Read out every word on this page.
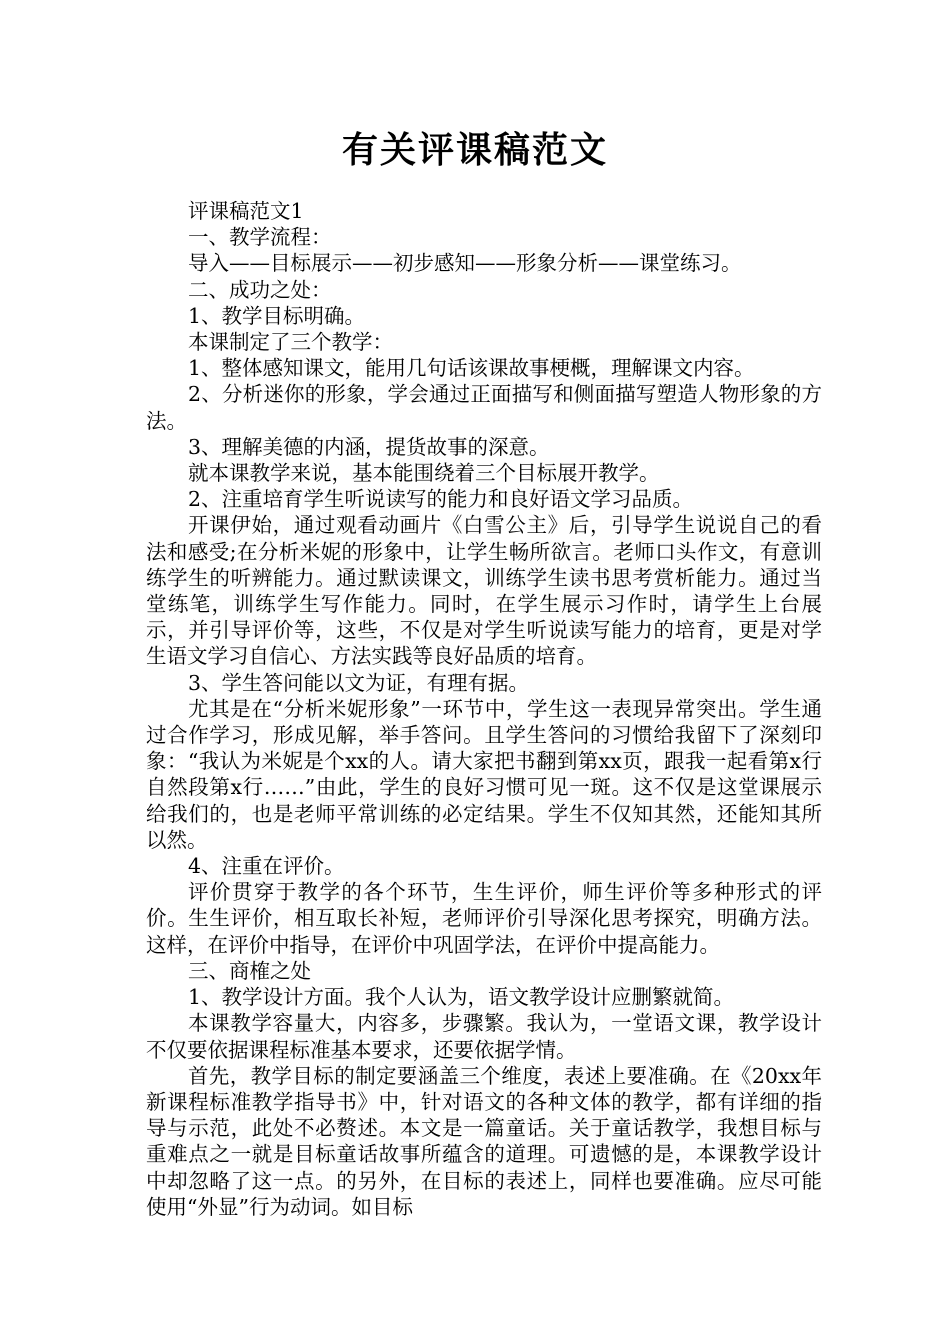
有关评课稿范文

评课稿范文1

一、教学流程：

导入——目标展示——初步感知——形象分析——课堂练习。

二、成功之处：

1、教学目标明确。

本课制定了三个教学：

1、整体感知课文，能用几句话该课故事梗概，理解课文内容。

2、分析迷你的形象，学会通过正面描写和侧面描写塑造人物形象的方法。

3、理解美德的内涵，提货故事的深意。

就本课教学来说，基本能围绕着三个目标展开教学。

2、注重培育学生听说读写的能力和良好语文学习品质。

开课伊始，通过观看动画片《白雪公主》后，引导学生说说自己的看法和感受;在分析米妮的形象中，让学生畅所欲言。老师口头作文，有意训练学生的听辨能力。通过默读课文，训练学生读书思考赏析能力。通过当堂练笔，训练学生写作能力。同时，在学生展示习作时，请学生上台展示，并引导评价等，这些，不仅是对学生听说读写能力的培育，更是对学生语文学习自信心、方法实践等良好品质的培育。

3、学生答问能以文为证，有理有据。

尤其是在“分析米妮形象”一环节中，学生这一表现异常突出。学生通过合作学习，形成见解，举手答问。且学生答问的习惯给我留下了深刻印象：“我认为米妮是个xx的人。请大家把书翻到第xx页，跟我一起看第x行自然段第x行……”由此，学生的良好习惯可见一斑。这不仅是这堂课展示给我们的，也是老师平常训练的必定结果。学生不仅知其然，还能知其所以然。

4、注重在评价。

评价贯穿于教学的各个环节，生生评价，师生评价等多种形式的评价。生生评价，相互取长补短，老师评价引导深化思考探究，明确方法。这样，在评价中指导，在评价中巩固学法，在评价中提高能力。

三、商榷之处

1、教学设计方面。我个人认为，语文教学设计应删繁就简。

本课教学容量大，内容多，步骤繁。我认为，一堂语文课，教学设计不仅要依据课程标准基本要求，还要依据学情。

首先，教学目标的制定要涵盖三个维度，表述上要准确。在《20xx年新课程标准教学指导书》中，针对语文的各种文体的教学，都有详细的指导与示范，此处不必赘述。本文是一篇童话。关于童话教学，我想目标与重难点之一就是目标童话故事所蕴含的道理。可遗憾的是，本课教学设计中却忽略了这一点。的另外，在目标的表述上，同样也要准确。应尽可能使用“外显”行为动词。如目标
